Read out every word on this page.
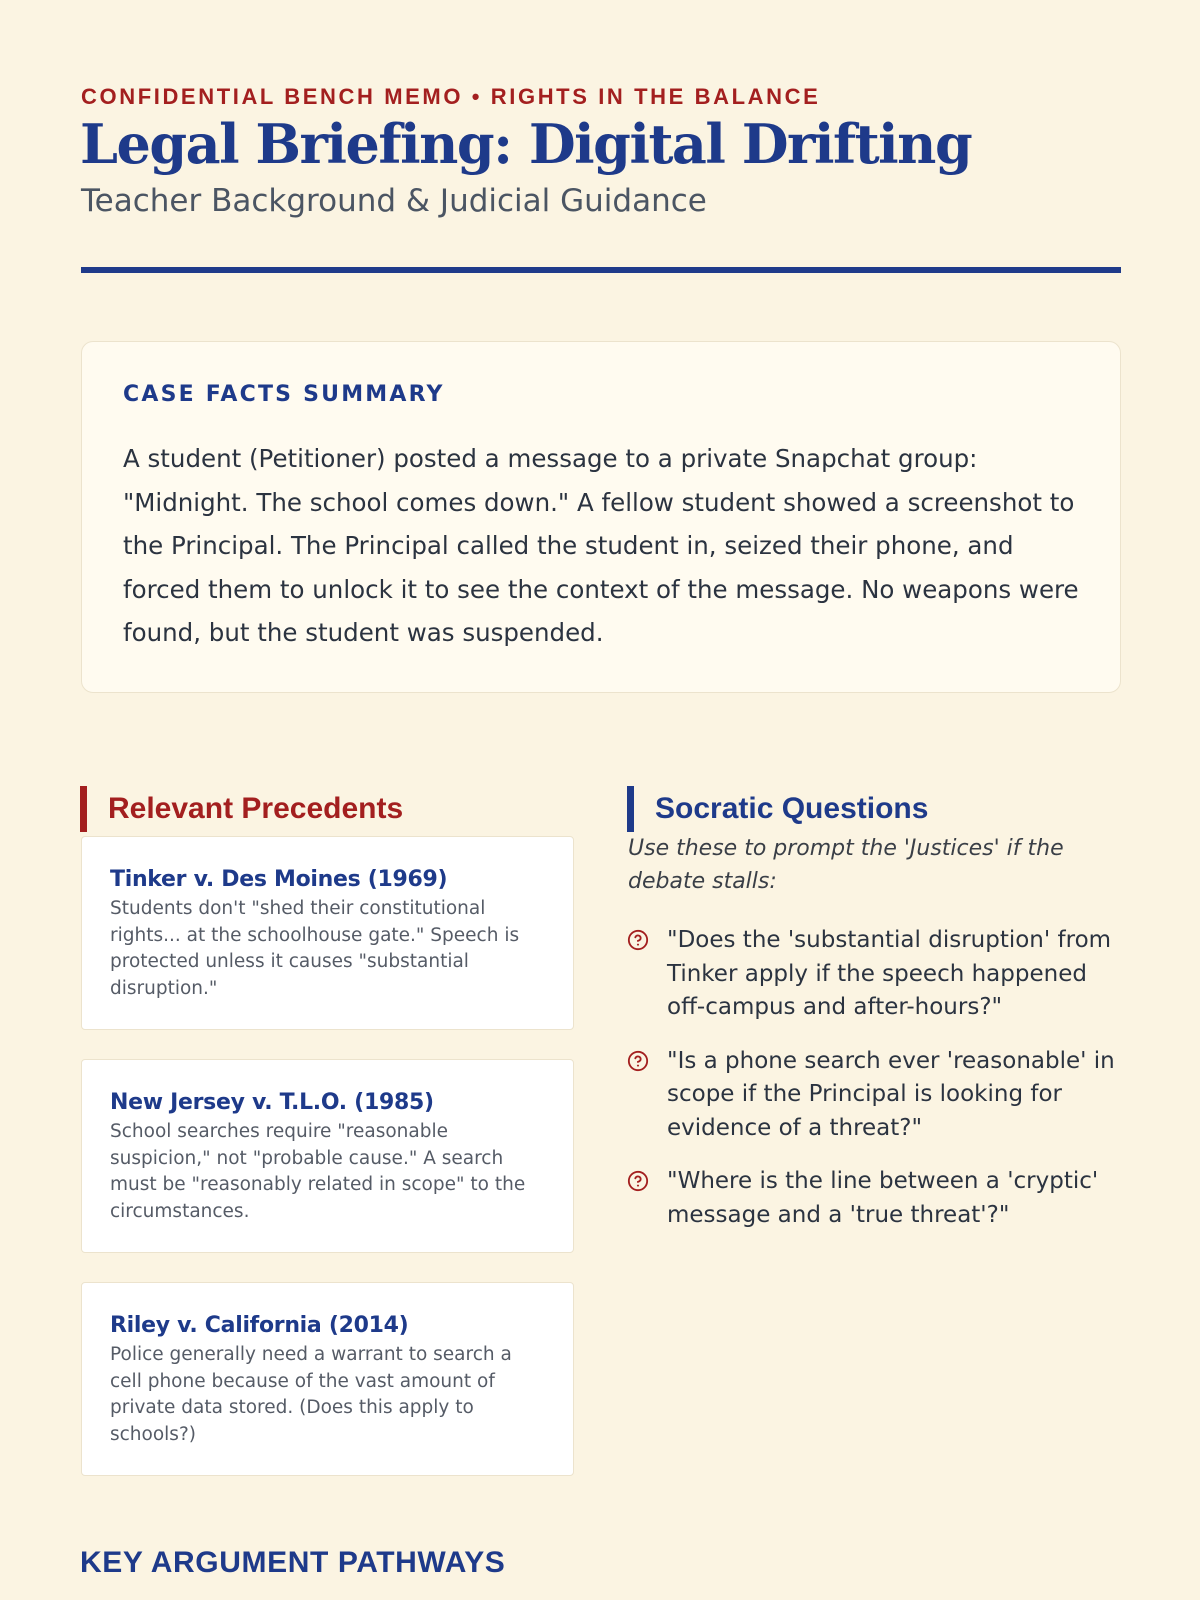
CONFIDENTIAL BENCH MEMO • RIGHTS IN THE BALANCE
Legal Briefing: Digital Drifting
Teacher Background & Judicial Guidance
CASE FACTS SUMMARY

A student (Petitioner) posted a message to a private Snapchat group: "Midnight. The school comes down." A fellow student showed a screenshot to the Principal. The Principal called the student in, seized their phone, and forced them to unlock it to see the context of the message. No weapons were found, but the student was suspended.

Relevant Precedents
Tinker v. Des Moines (1969)

Students don't "shed their constitutional rights... at the schoolhouse gate." Speech is protected unless it causes "substantial disruption."

New Jersey v. T.L.O. (1985)

School searches require "reasonable suspicion," not "probable cause." A search must be "reasonably related in scope" to the circumstances.

Riley v. California (2014)

Police generally need a warrant to search a cell phone because of the vast amount of private data stored. (Does this apply to schools?)

Socratic Questions

Use these to prompt the 'Justices' if the debate stalls:

"Does the 'substantial disruption' from Tinker apply if the speech happened off-campus and after-hours?"
"Is a phone search ever 'reasonable' in scope if the Principal is looking for evidence of a threat?"
"Where is the line between a 'cryptic' message and a 'true threat'?"
KEY ARGUMENT PATHWAYS
